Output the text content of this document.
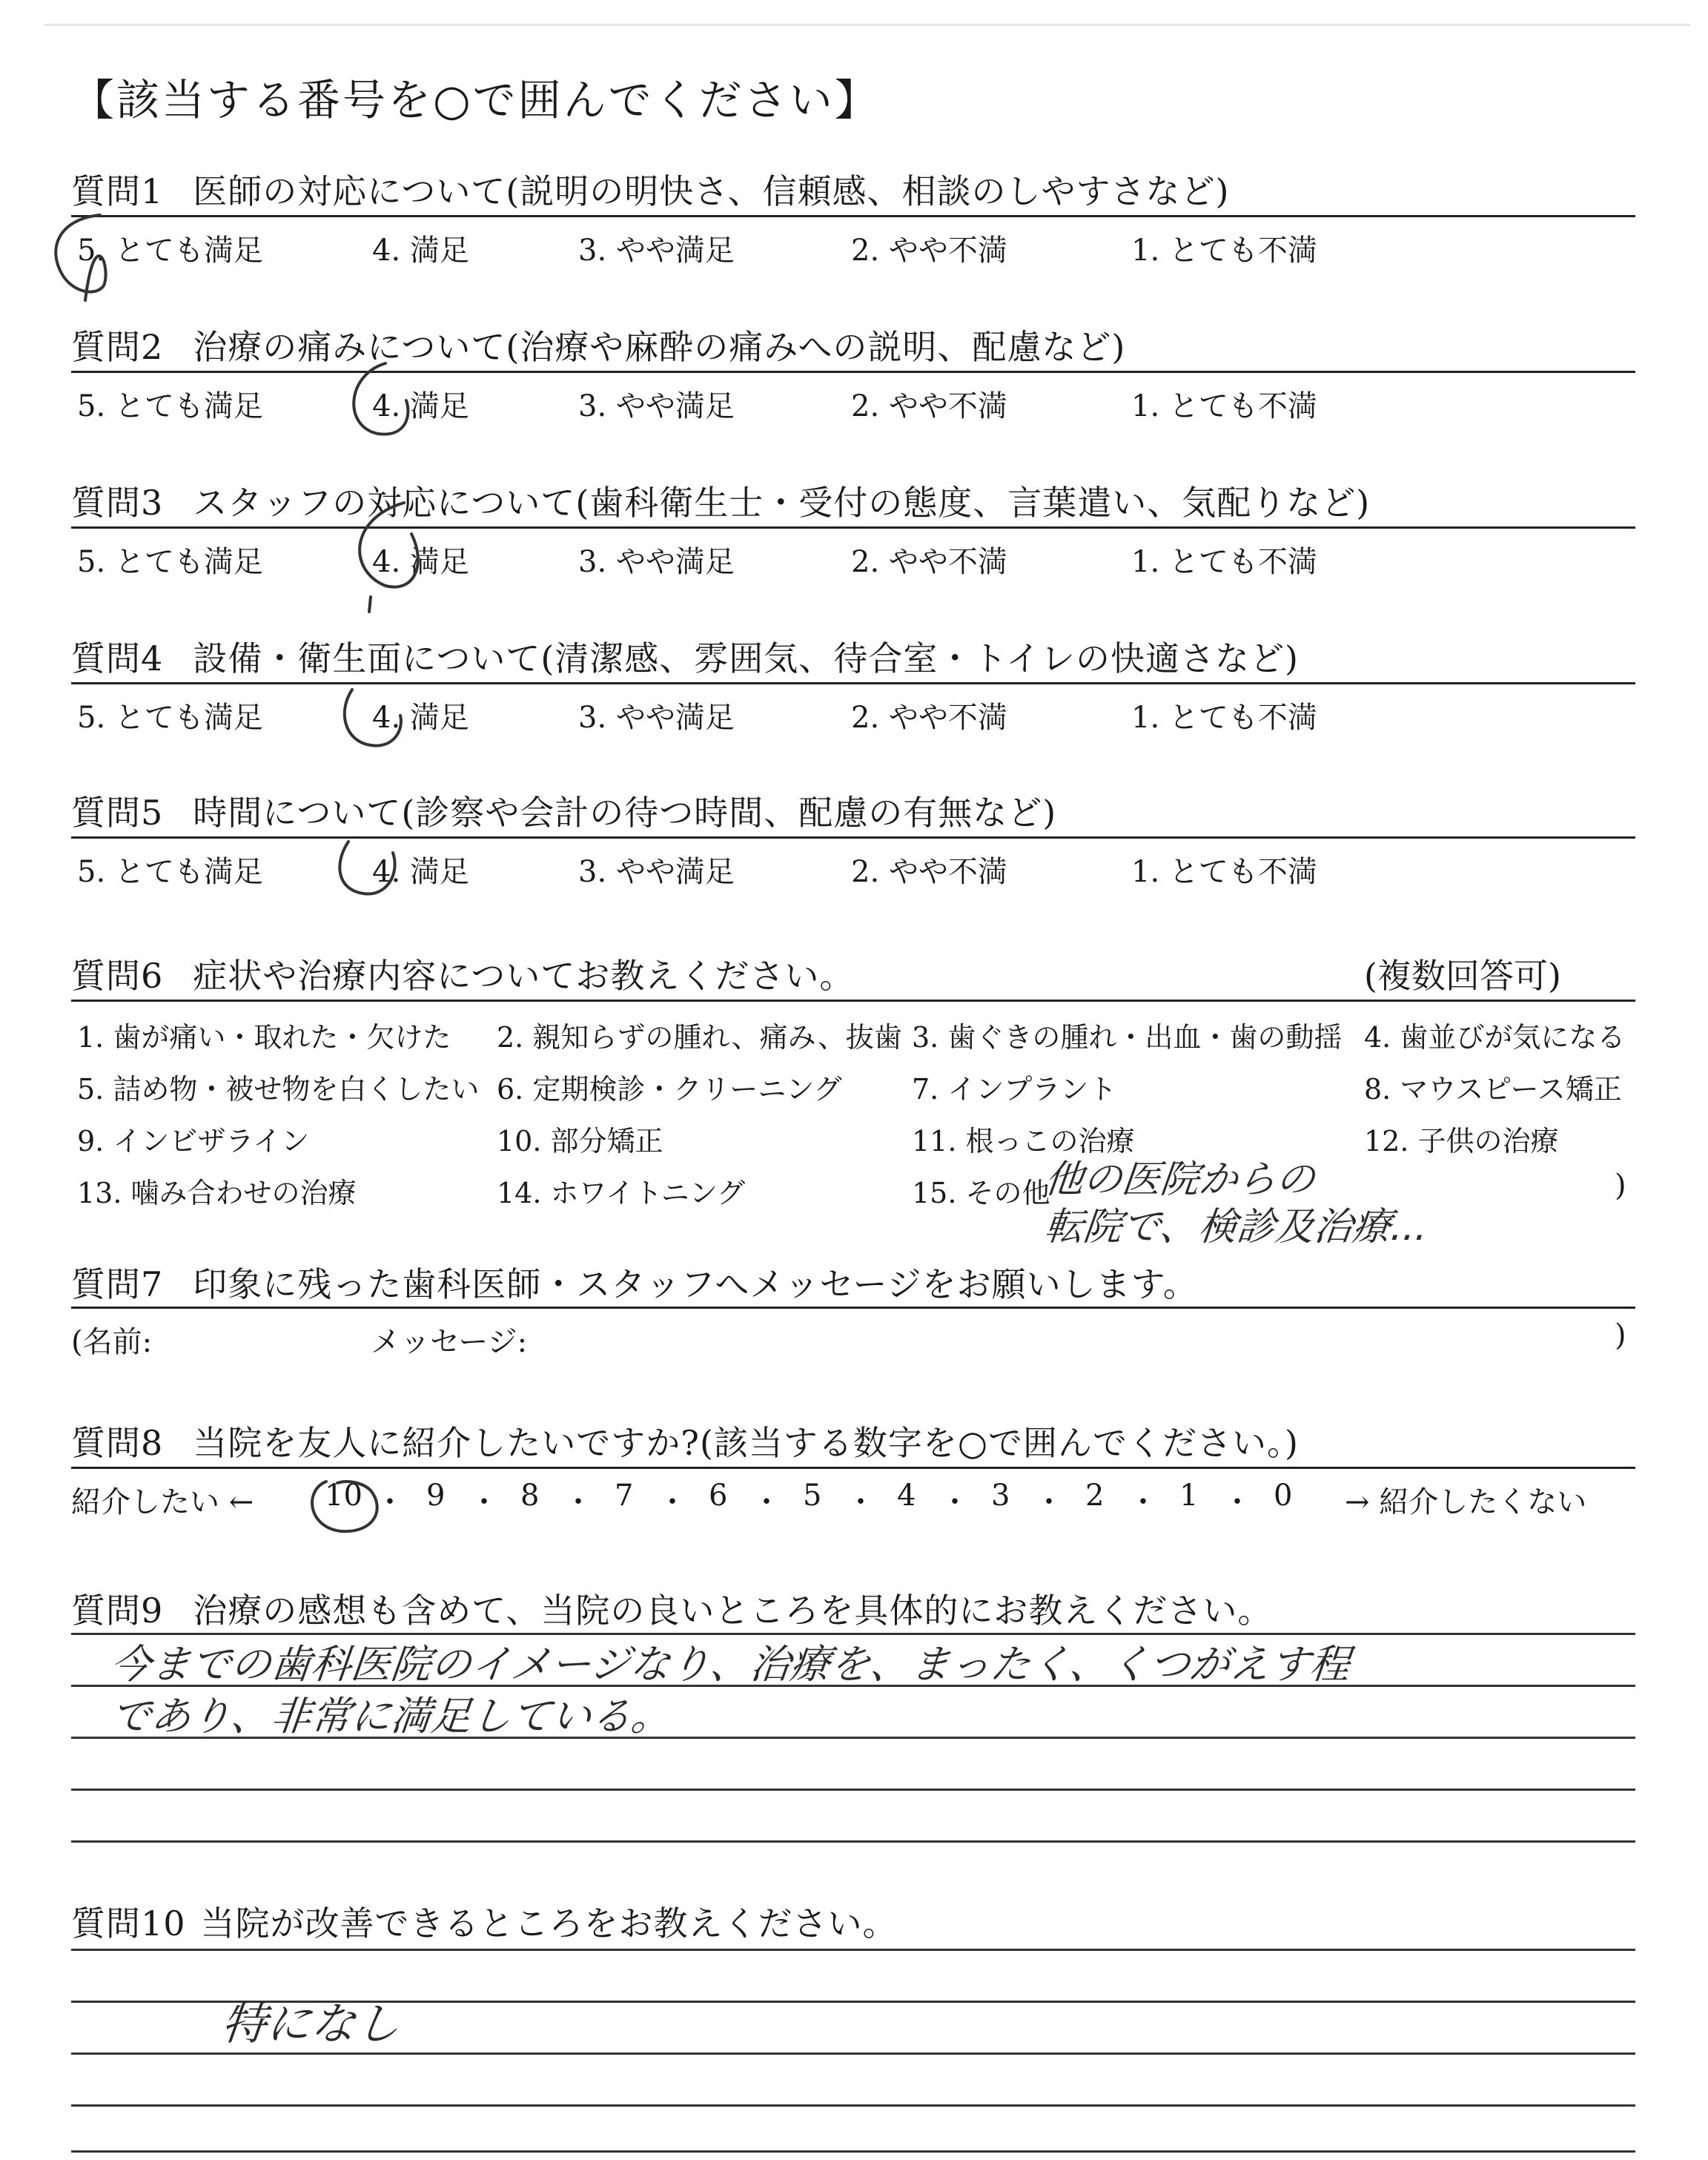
【該当する番号を○で囲んでください】
質問1 医師の対応について(説明の明快さ、信頼感、相談のしやすさなど)
5. とても満足	4. 満足	3. やや満足	2. やや不満	1. とても不満
質問2 治療の痛みについて(治療や麻酔の痛みへの説明、配慮など)
5. とても満足	4. 満足	3. やや満足	2. やや不満	1. とても不満
質問3 スタッフの対応について(歯科衛生士・受付の態度、言葉遣い、気配りなど)
5. とても満足	4. 満足	3. やや満足	2. やや不満	1. とても不満
質問4 設備・衛生面について(清潔感、雰囲気、待合室・トイレの快適さなど)
5. とても満足	4. 満足	3. やや満足	2. やや不満	1. とても不満
質問5 時間について(診察や会計の待つ時間、配慮の有無など)
5. とても満足	4. 満足	3. やや満足	2. やや不満	1. とても不満
質問6 症状や治療内容についてお教えください。	(複数回答可)
1. 歯が痛い・取れた・欠けた 2. 親知らずの腫れ、痛み、抜歯 3. 歯ぐきの腫れ・出血・歯の動揺 4. 歯並びが気になる
5. 詰め物・被せ物を白くしたい 6. 定期検診・クリーニング 7. インプラント	8. マウスピース矯正
9. インビザライン	10. 部分矯正	11. 根っこの治療	12. 子供の治療
13. 噛み合わせの治療	14. ホワイトニング	15. その他
他の医院からの
転院で、検診及治療...
)
質問7 印象に残った歯科医師・スタッフへメッセージをお願いします。
(名前:	メッセージ:	)
質問8 当院を友人に紹介したいですか?(該当する数字を○で囲んでください。)
紹介したい ←	→ 紹介したくない
10 ・ 9 ・ 8 ・ 7 ・ 6 ・ 5 ・ 4 ・ 3 ・ 2 ・ 1 ・ 0
質問9 治療の感想も含めて、当院の良いところを具体的にお教えください。
今までの歯科医院のイメージなり、治療を、まったく、くつがえす程
であり、非常に満足している。
質問10 当院が改善できるところをお教えください。
特になし
